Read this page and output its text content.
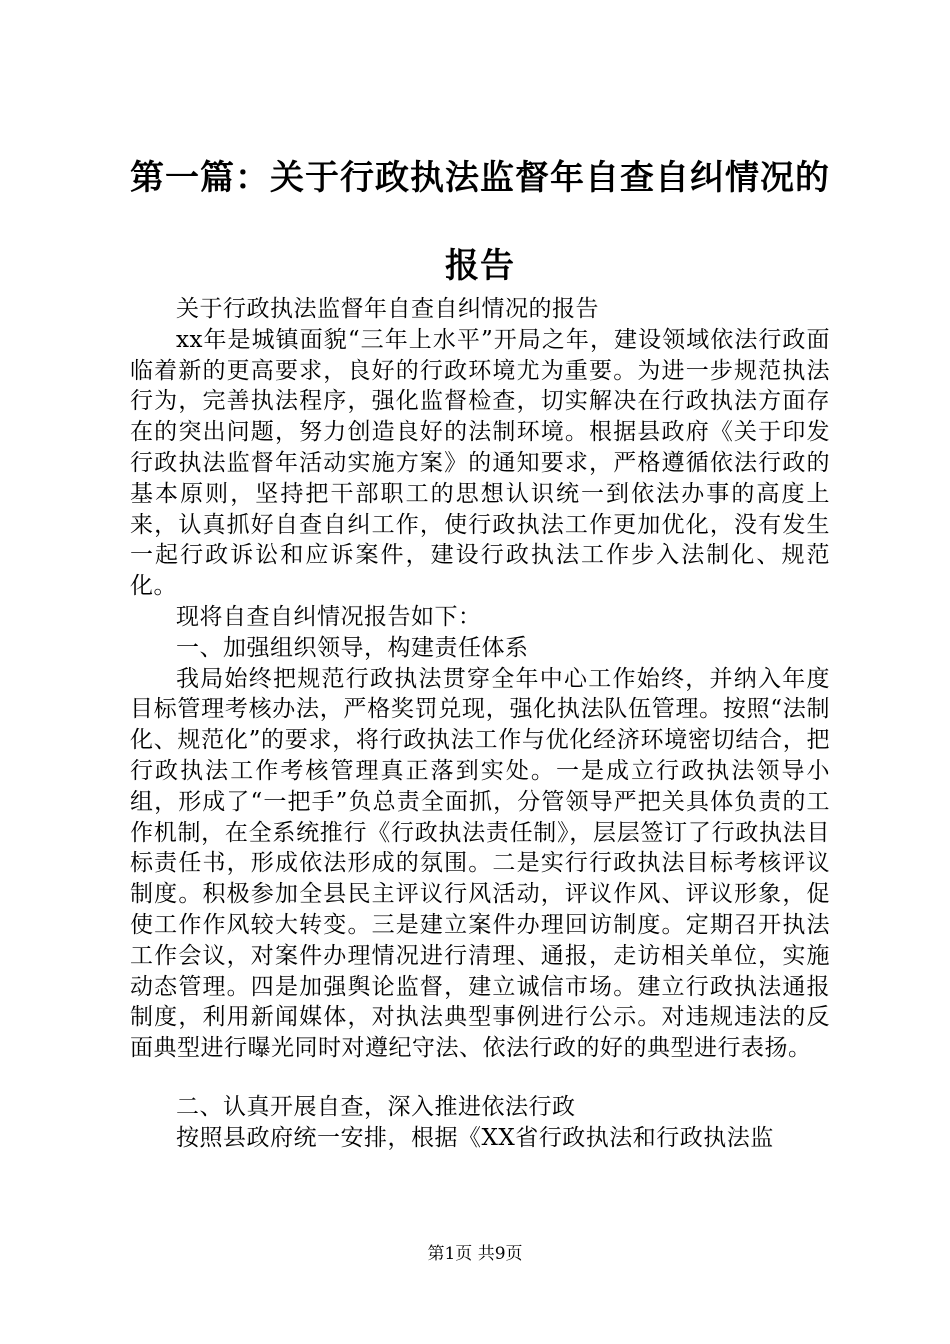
第一篇：关于行政执法监督年自查自纠情况的
报告

关于行政执法监督年自查自纠情况的报告

xx年是城镇面貌“三年上水平”开局之年，建设领域依法行政面临着新的更高要求，良好的行政环境尤为重要。为进一步规范执法行为，完善执法程序，强化监督检查，切实解决在行政执法方面存在的突出问题，努力创造良好的法制环境。根据县政府《关于印发行政执法监督年活动实施方案》的通知要求，严格遵循依法行政的基本原则，坚持把干部职工的思想认识统一到依法办事的高度上来，认真抓好自查自纠工作，使行政执法工作更加优化，没有发生一起行政诉讼和应诉案件，建设行政执法工作步入法制化、规范化。

现将自查自纠情况报告如下：

一、加强组织领导，构建责任体系

我局始终把规范行政执法贯穿全年中心工作始终，并纳入年度目标管理考核办法，严格奖罚兑现，强化执法队伍管理。按照“法制化、规范化”的要求，将行政执法工作与优化经济环境密切结合，把行政执法工作考核管理真正落到实处。一是成立行政执法领导小组，形成了“一把手”负总责全面抓，分管领导严把关具体负责的工作机制，在全系统推行《行政执法责任制》，层层签订了行政执法目标责任书，形成依法形成的氛围。二是实行行政执法目标考核评议制度。积极参加全县民主评议行风活动，评议作风、评议形象，促使工作作风较大转变。三是建立案件办理回访制度。定期召开执法工作会议，对案件办理情况进行清理、通报，走访相关单位，实施动态管理。四是加强舆论监督，建立诚信市场。建立行政执法通报制度，利用新闻媒体，对执法典型事例进行公示。对违规违法的反面典型进行曝光同时对遵纪守法、依法行政的好的典型进行表扬。

二、认真开展自查，深入推进依法行政

按照县政府统一安排，根据《XX省行政执法和行政执法监

第1页 共9页
